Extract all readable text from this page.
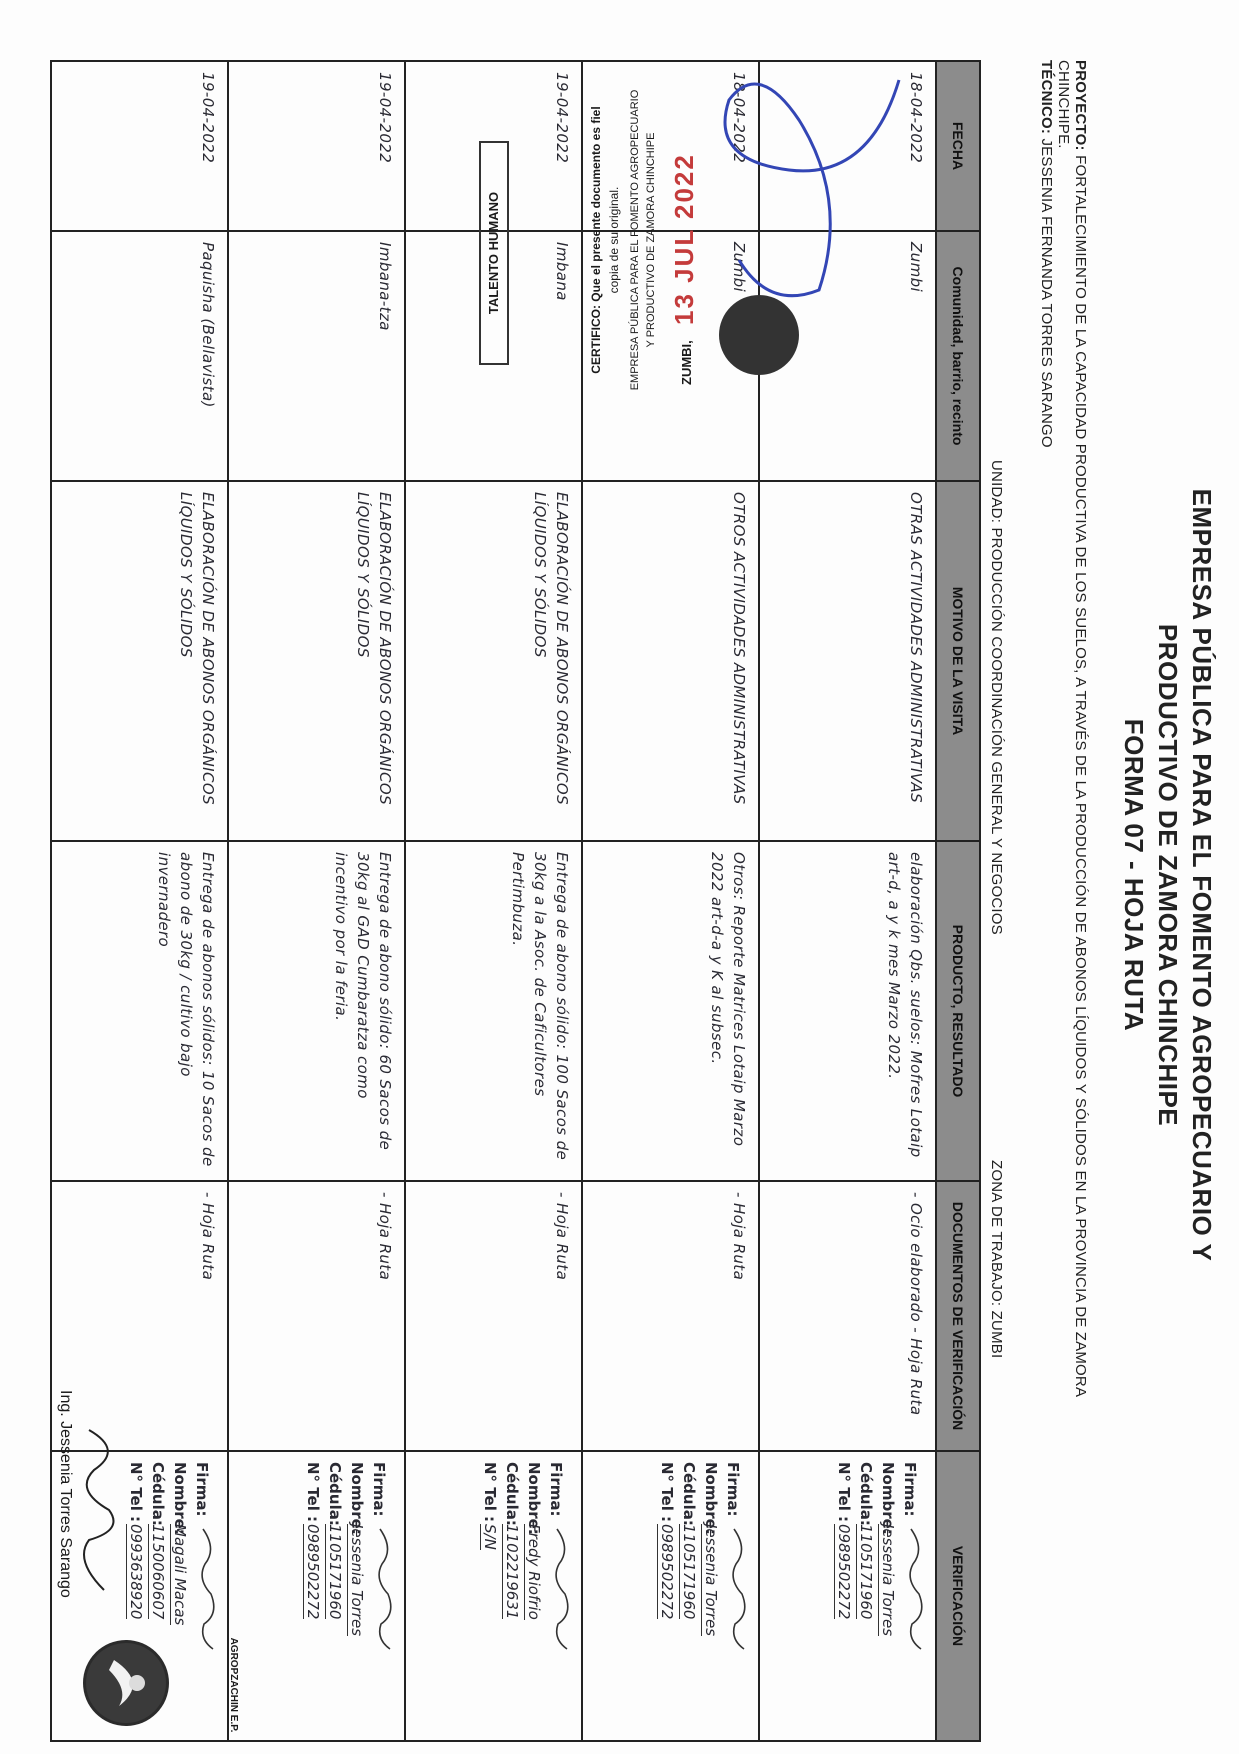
AGROPZACHIN E.P.
EMPRESA PÚBLICA PARA EL FOMENTO AGROPECUARIO Y
PRODUCTIVO DE ZAMORA CHINCHIPE
FORMA 07 - HOJA RUTA
PROYECTO: FORTALECIMIENTO DE LA CAPACIDAD PRODUCTIVA DE LOS SUELOS, A TRAVÉS DE LA PRODUCCIÓN DE ABONOS LÍQUIDOS Y SÓLIDOS EN LA PROVINCIA DE ZAMORA
CHINCHIPE.
TÉCNICO: JESSENIA FERNANDA TORRES SARANGO
UNIDAD: PRODUCCIÓN COORDINACIÓN GENERAL Y NEGOCIOS
ZONA DE TRABAJO: ZUMBI
FECHA	Comunidad, barrio, recinto	MOTIVO DE LA VISITA	PRODUCTO, RESULTADO	DOCUMENTOS DE VERIFICACIÓN	VERIFICACIÓN
18-04-2022	Zumbi	OTRAS ACTIVIDADES ADMINISTRATIVAS	elaboración Qbs. suelos: Mofres Lotaip art-d, a y k mes Marzo 2022.	- Ocio elaborado - Hoja Ruta	Firma:
Nombre:Jessenia Torres
Cédula:1105171960
N° Tel :0989502272

18-04-2022	Zumbi	OTROS ACTIVIDADES ADMINISTRATIVAS	Otros: Reporte Matrices Lotaip Marzo 2022 art-d-a y K al subsec.	- Hoja Ruta	Firma:
Nombre:Jessenia Torres
Cédula:1105171960
N° Tel :0989502272

19-04-2022	Imbana	ELABORACIÓN DE ABONOS ORGÁNICOS LÍQUIDOS Y SÓLIDOS	Entrega de abono sólido: 100 Sacos de 30kg a la Asoc. de Caficultores Pertimbuza.	- Hoja Ruta	Firma:
Nombre:Fredy Riofrio
Cédula:1102219631
N° Tel :S/N

19-04-2022	Imbana-tza	ELABORACIÓN DE ABONOS ORGÁNICOS LÍQUIDOS Y SÓLIDOS	Entrega de abono sólido: 60 Sacos de 30kg al GAD Cumbaratza como incentivo por la feria.	- Hoja Ruta	Firma:
Nombre:Jessenia Torres
Cédula:1105171960
N° Tel :0989502272

19-04-2022	Paquisha (Bellavista)	ELABORACIÓN DE ABONOS ORGÁNICOS LÍQUIDOS Y SÓLIDOS	Entrega de abonos sólidos: 10 Sacos de abono de 30kg / cultivo bajo invernadero	- Hoja Ruta	Firma:
Nombre:Magali Macas
Cédula:1150060607
N° Tel :0993638920
TALENTO HUMANO	CERTIFICO: Que el presente documento es fiel copia de su original. EMPRESA PÚBLICA PARA EL FOMENTO AGROPECUARIO Y PRODUCTIVO DE ZAMORA CHINCHIPE
ZUMBI,
13 JUL 2022
Ing. Jessenia Torres Sarango
